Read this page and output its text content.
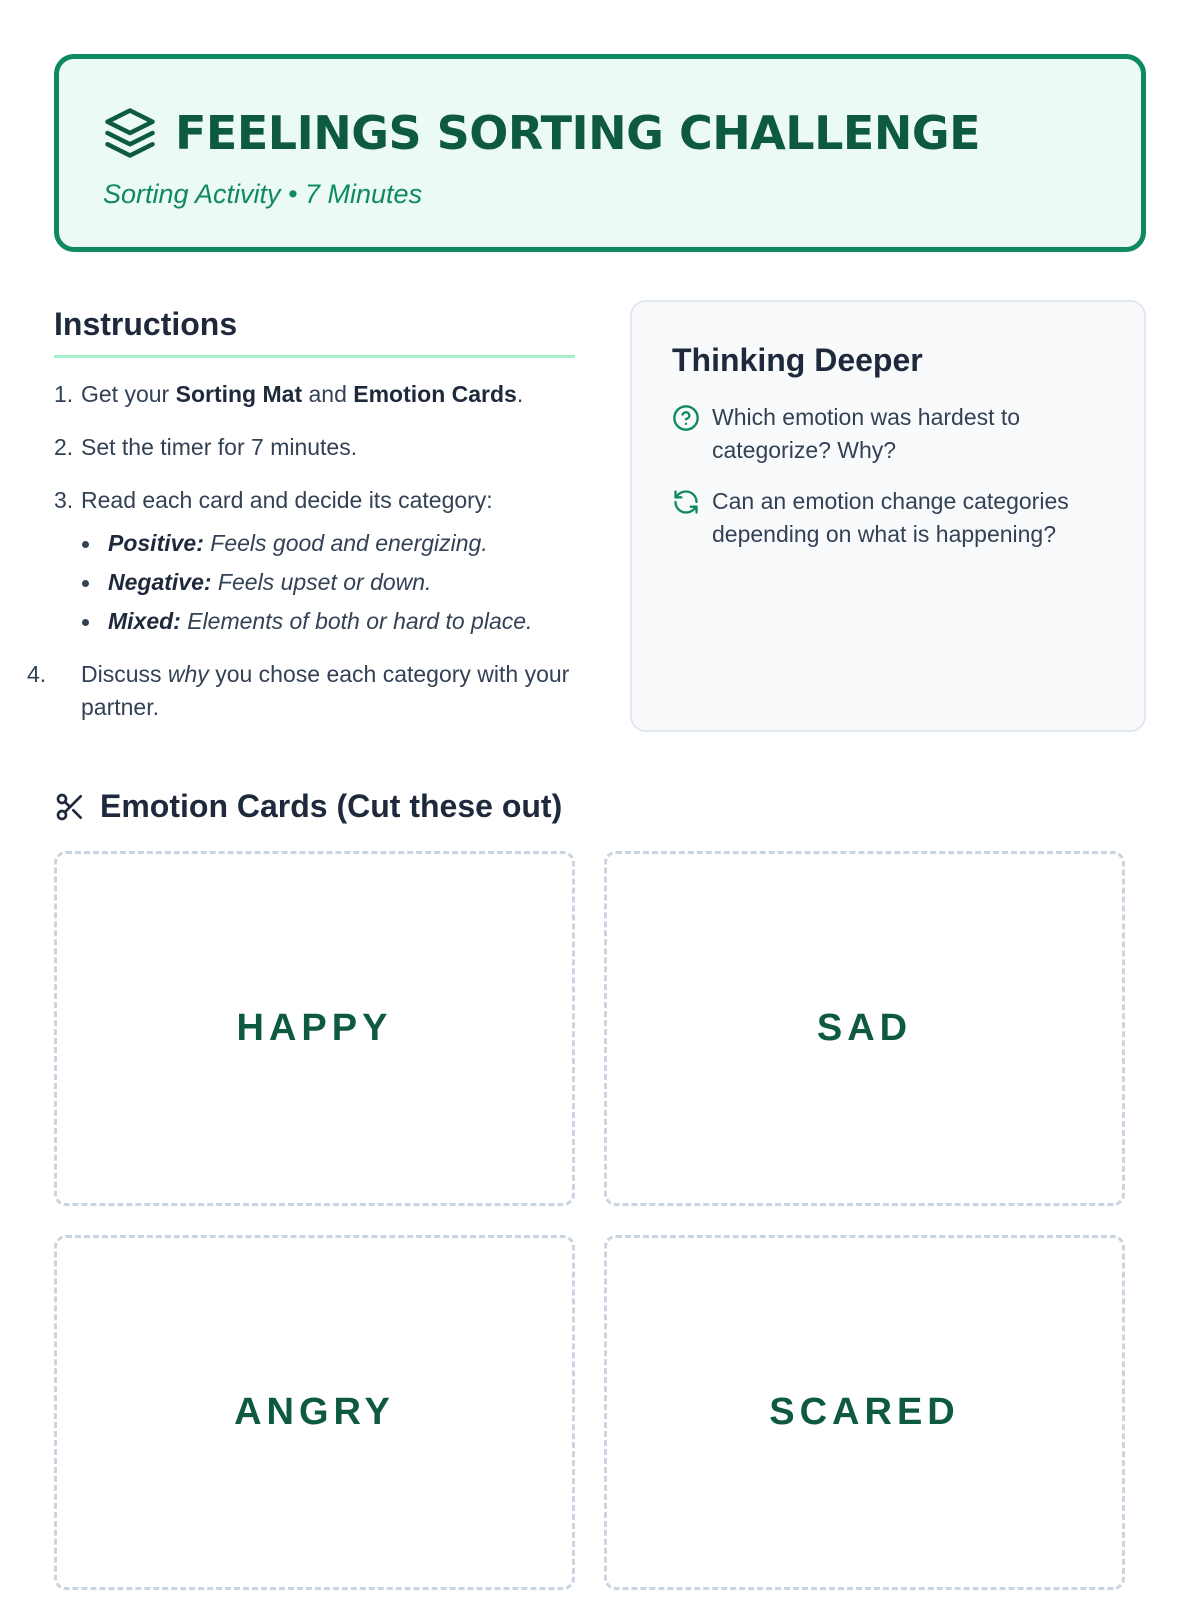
FEELINGS SORTING CHALLENGE
Sorting Activity • 7 Minutes
Instructions
1. Get your Sorting Mat and Emotion Cards.
2. Set the timer for 7 minutes.
3. Read each card and decide its category:
Positive: Feels good and energizing.
Negative: Feels upset or down.
Mixed: Elements of both or hard to place.
4. Discuss why you chose each category with your partner.
Thinking Deeper
Which emotion was hardest to categorize? Why?
Can an emotion change categories depending on what is happening?
Emotion Cards (Cut these out)
HAPPY	SAD
ANGRY	SCARED
